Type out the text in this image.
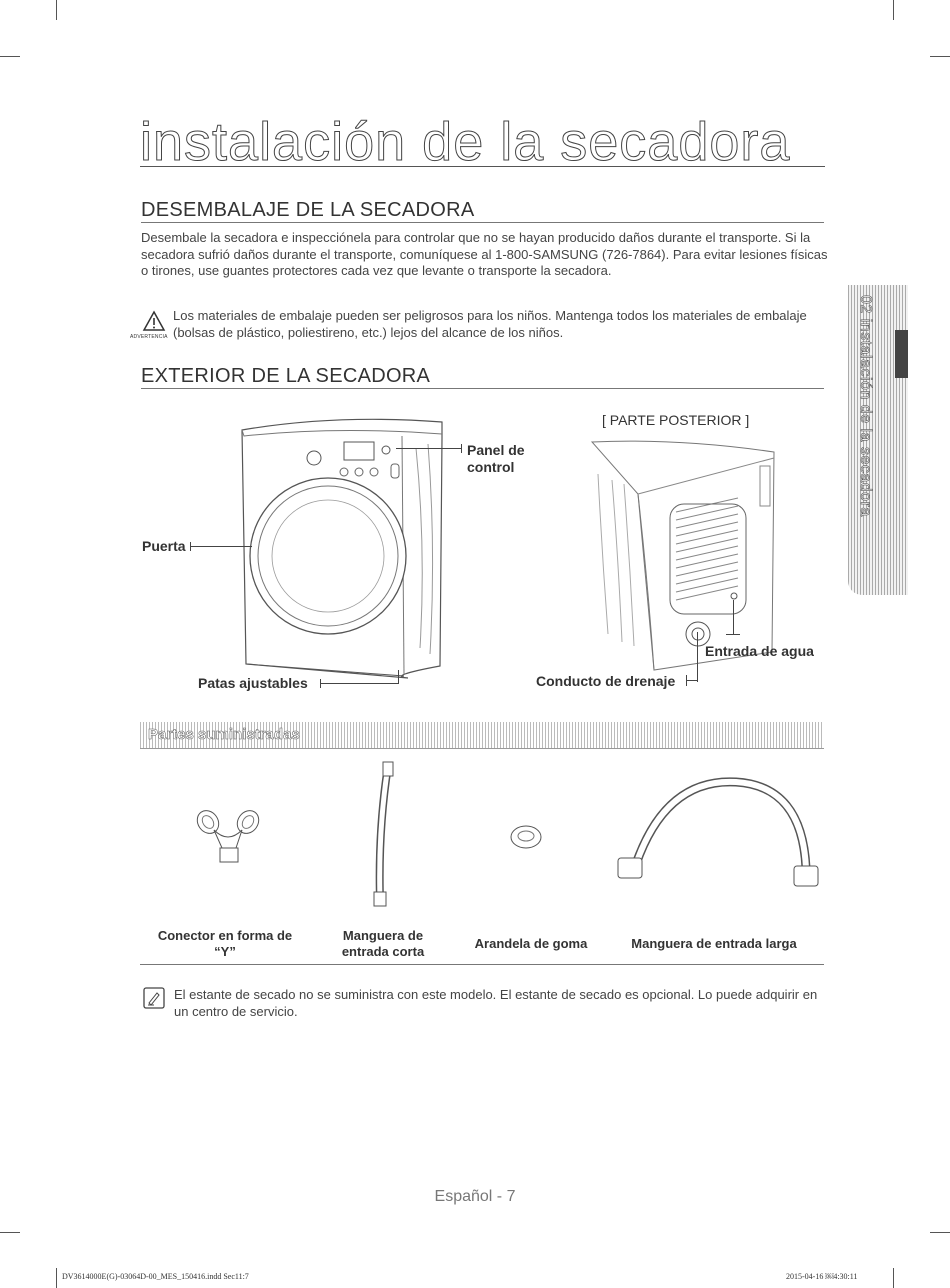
instalación de la secadora
DESEMBALAJE DE LA SECADORA
Desembale la secadora e inspecciónela para controlar que no se hayan producido daños durante el transporte. Si la secadora sufrió daños durante el transporte, comuníquese al 1-800-SAMSUNG (726-7864). Para evitar lesiones físicas o tirones, use guantes protectores cada vez que levante o transporte la secadora.
ADVERTENCIA
Los materiales de embalaje pueden ser peligrosos para los niños. Mantenga todos los materiales de embalaje (bolsas de plástico, poliestireno, etc.) lejos del alcance de los niños.
EXTERIOR DE LA SECADORA
Panel de control
Puerta
Patas ajustables
[ PARTE POSTERIOR ]
Entrada de agua
Conducto de drenaje
Partes suministradas
Conector en forma de “Y”
Manguera de entrada corta
Arandela de goma	Manguera de entrada larga
El estante de secado no se suministra con este modelo. El estante de secado es opcional. Lo puede adquirir en un centro de servicio.
02 instalación de la secadora
Español - 7
DV3614000E(G)-03064D-00_MES_150416.indd Sec11:7	2015-04-16 ￼4:30:11
